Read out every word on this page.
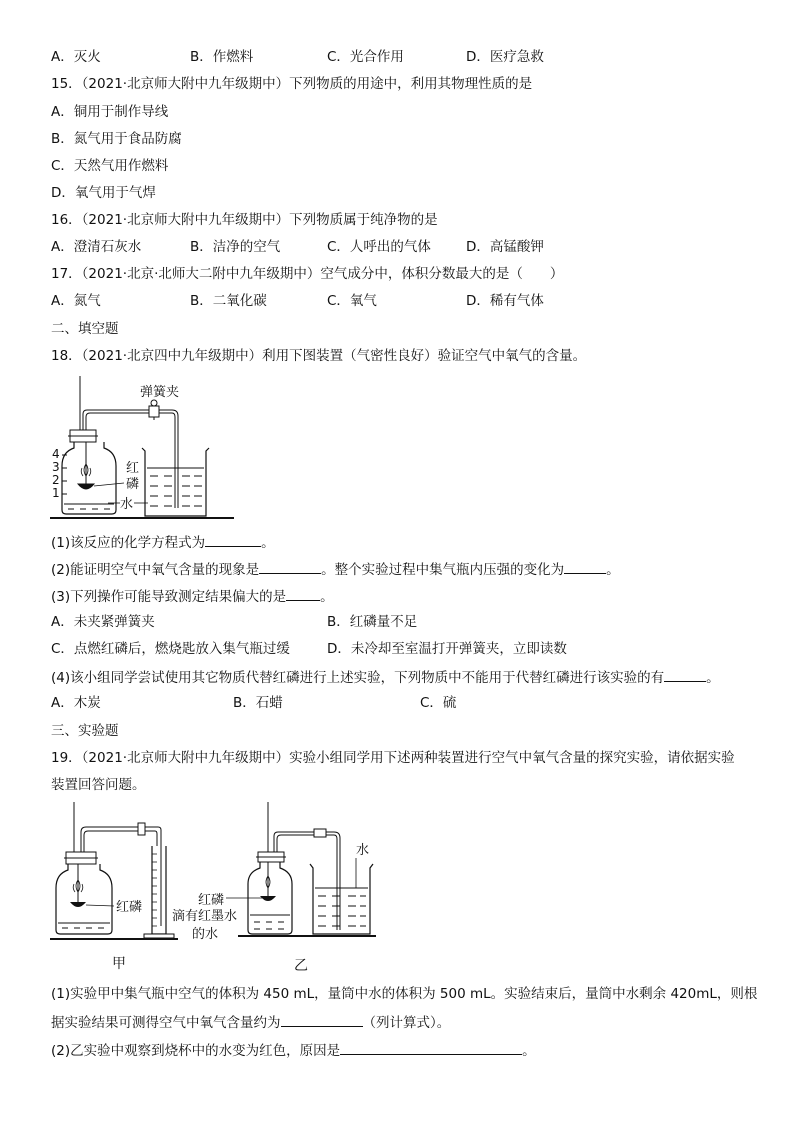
A．灭火	B．作燃料	C．光合作用	D．医疗急救
15．（2021·北京师大附中九年级期中）下列物质的用途中，利用其物理性质的是
A．铜用于制作导线
B．氮气用于食品防腐
C．天然气用作燃料
D．氧气用于气焊
16．（2021·北京师大附中九年级期中）下列物质属于纯净物的是
A．澄清石灰水	B．洁净的空气	C．人呼出的气体	D．高锰酸钾
17．（2021·北京·北师大二附中九年级期中）空气成分中，体积分数最大的是（　　）
A．氮气	B．二氧化碳	C．氧气	D．稀有气体
二、填空题
18．（2021·北京四中九年级期中）利用下图装置（气密性良好）验证空气中氧气的含量。
弹簧夹
4
3
2
1
红
磷
水
(1)该反应的化学方程式为	。
(2)能证明空气中氧气含量的现象是	。整个实验过程中集气瓶内压强的变化为	。
(3)下列操作可能导致测定结果偏大的是	。
A．未夹紧弹簧夹	B．红磷量不足
C．点燃红磷后，燃烧匙放入集气瓶过缓	D．未冷却至室温打开弹簧夹，立即读数
(4)该小组同学尝试使用其它物质代替红磷进行上述实验，下列物质中不能用于代替红磷进行该实验的有	。
A．木炭	B．石蜡	C．硫
三、实验题
19．（2021·北京师大附中九年级期中）实验小组同学用下述两种装置进行空气中氧气含量的探究实验，请依据实验
装置回答问题。
红磷
滴有红墨水
的水
甲
红磷
水
乙
(1)实验甲中集气瓶中空气的体积为 450 mL，量筒中水的体积为 500 mL。实验结束后，量筒中水剩余 420mL，则根
据实验结果可测得空气中氧气含量约为	（列计算式）。
(2)乙实验中观察到烧杯中的水变为红色，原因是	。
